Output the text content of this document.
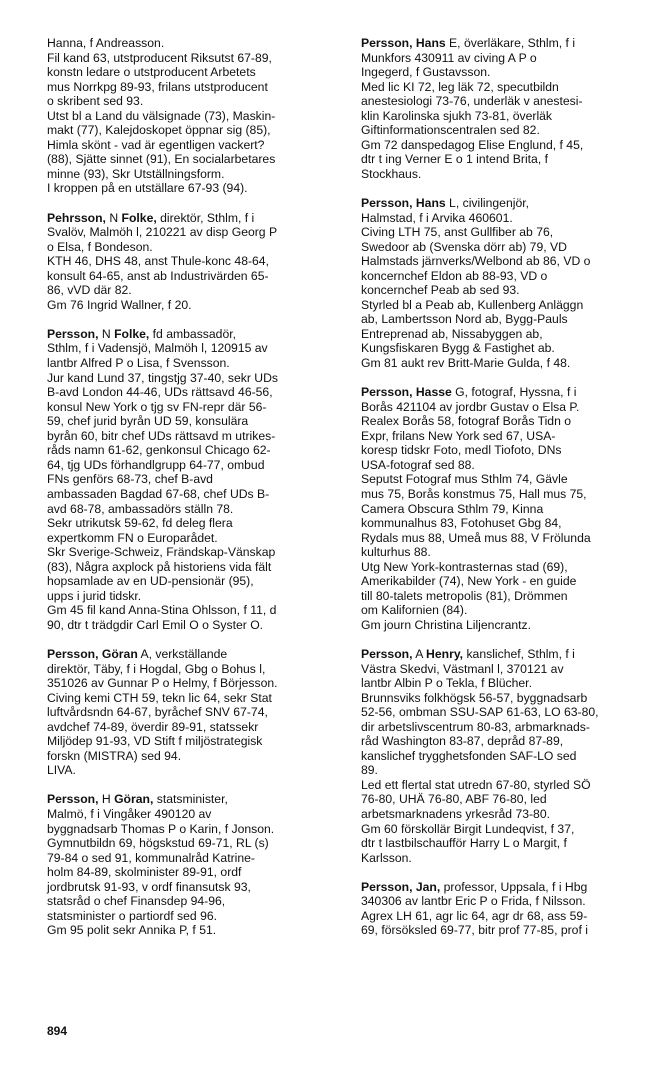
Hanna, f Andreasson.
Fil kand 63, utstproducent Riksutst 67-89,
konstn ledare o utstproducent Arbetets
mus Norrkpg 89-93, frilans utstproducent
o skribent sed 93.
Utst bl a Land du välsignade (73), Maskin-
makt (77), Kalejdoskopet öppnar sig (85),
Himla skönt - vad är egentligen vackert?
(88), Sjätte sinnet (91), En socialarbetares
minne (93), Skr Utställningsform.
I kroppen på en utställare 67-93 (94).
Pehrsson, N Folke, direktör, Sthlm, f i
Svalöv, Malmöh l, 210221 av disp Georg P
o Elsa, f Bondeson.
KTH 46, DHS 48, anst Thule-konc 48-64,
konsult 64-65, anst ab Industrivärden 65-
86, vVD där 82.
Gm 76 Ingrid Wallner, f 20.
Persson, N Folke, fd ambassadör,
Sthlm, f i Vadensjö, Malmöh l, 120915 av
lantbr Alfred P o Lisa, f Svensson.
Jur kand Lund 37, tingstjg 37-40, sekr UDs
B-avd London 44-46, UDs rättsavd 46-56,
konsul New York o tjg sv FN-repr där 56-
59, chef jurid byrån UD 59, konsulära
byrån 60, bitr chef UDs rättsavd m utrikes-
råds namn 61-62, genkonsul Chicago 62-
64, tjg UDs förhandlgrupp 64-77, ombud
FNs genförs 68-73, chef B-avd
ambassaden Bagdad 67-68, chef UDs B-
avd 68-78, ambassadörs ställn 78.
Sekr utrikutsk 59-62, fd deleg flera
expertkomm FN o Europarådet.
Skr Sverige-Schweiz, Frändskap-Vänskap
(83), Några axplock på historiens vida fält
hopsamlade av en UD-pensionär (95),
upps i jurid tidskr.
Gm 45 fil kand Anna-Stina Ohlsson, f 11, d
90, dtr t trädgdir Carl Emil O o Syster O.
Persson, Göran A, verkställande
direktör, Täby, f i Hogdal, Gbg o Bohus l,
351026 av Gunnar P o Helmy, f Börjesson.
Civing kemi CTH 59, tekn lic 64, sekr Stat
luftvårdsndn 64-67, byråchef SNV 67-74,
avdchef 74-89, överdir 89-91, statssekr
Miljödep 91-93, VD Stift f miljöstrategisk
forskn (MISTRA) sed 94.
LIVA.
Persson, H Göran, statsminister,
Malmö, f i Vingåker 490120 av
byggnadsarb Thomas P o Karin, f Jonson.
Gymnutbildn 69, högskstud 69-71, RL (s)
79-84 o sed 91, kommunalråd Katrine-
holm 84-89, skolminister 89-91, ordf
jordbrutsk 91-93, v ordf finansutsk 93,
statsråd o chef Finansdep 94-96,
statsminister o partiordf sed 96.
Gm 95 polit sekr Annika P, f 51.
Persson, Hans E, överläkare, Sthlm, f i
Munkfors 430911 av civing A P o
Ingegerd, f Gustavsson.
Med lic KI 72, leg läk 72, specutbildn
anestesiologi 73-76, underläk v anestesi-
klin Karolinska sjukh 73-81, överläk
Giftinformationscentralen sed 82.
Gm 72 danspedagog Elise Englund, f 45,
dtr t ing Verner E o 1 intend Brita, f
Stockhaus.
Persson, Hans L, civilingenjör,
Halmstad, f i Arvika 460601.
Civing LTH 75, anst Gullfiber ab 76,
Swedoor ab (Svenska dörr ab) 79, VD
Halmstads järnverks/Welbond ab 86, VD o
koncernchef Eldon ab 88-93, VD o
koncernchef Peab ab sed 93.
Styrled bl a Peab ab, Kullenberg Anläggn
ab, Lambertsson Nord ab, Bygg-Pauls
Entreprenad ab, Nissabyggen ab,
Kungsfiskaren Bygg & Fastighet ab.
Gm 81 aukt rev Britt-Marie Gulda, f 48.
Persson, Hasse G, fotograf, Hyssna, f i
Borås 421104 av jordbr Gustav o Elsa P.
Realex Borås 58, fotograf Borås Tidn o
Expr, frilans New York sed 67, USA-
koresp tidskr Foto, medl Tiofoto, DNs
USA-fotograf sed 88.
Seputst Fotograf mus Sthlm 74, Gävle
mus 75, Borås konstmus 75, Hall mus 75,
Camera Obscura Sthlm 79, Kinna
kommunalhus 83, Fotohuset Gbg 84,
Rydals mus 88, Umeå mus 88, V Frölunda
kulturhus 88.
Utg New York-kontrasternas stad (69),
Amerikabilder (74), New York - en guide
till 80-talets metropolis (81), Drömmen
om Kalifornien (84).
Gm journ Christina Liljencrantz.
Persson, A Henry, kanslichef, Sthlm, f i
Västra Skedvi, Västmanl l, 370121 av
lantbr Albin P o Tekla, f Blücher.
Brunnsviks folkhögsk 56-57, byggnadsarb
52-56, ombman SSU-SAP 61-63, LO 63-80,
dir arbetslivscentrum 80-83, arbmarknads-
råd Washington 83-87, depråd 87-89,
kanslichef trygghetsfonden SAF-LO sed
89.
Led ett flertal stat utredn 67-80, styrled SÖ
76-80, UHÄ 76-80, ABF 76-80, led
arbetsmarknadens yrkesråd 73-80.
Gm 60 förskollär Birgit Lundeqvist, f 37,
dtr t lastbilschaufför Harry L o Margit, f
Karlsson.
Persson, Jan, professor, Uppsala, f i Hbg
340306 av lantbr Eric P o Frida, f Nilsson.
Agrex LH 61, agr lic 64, agr dr 68, ass 59-
69, försöksled 69-77, bitr prof 77-85, prof i
894
